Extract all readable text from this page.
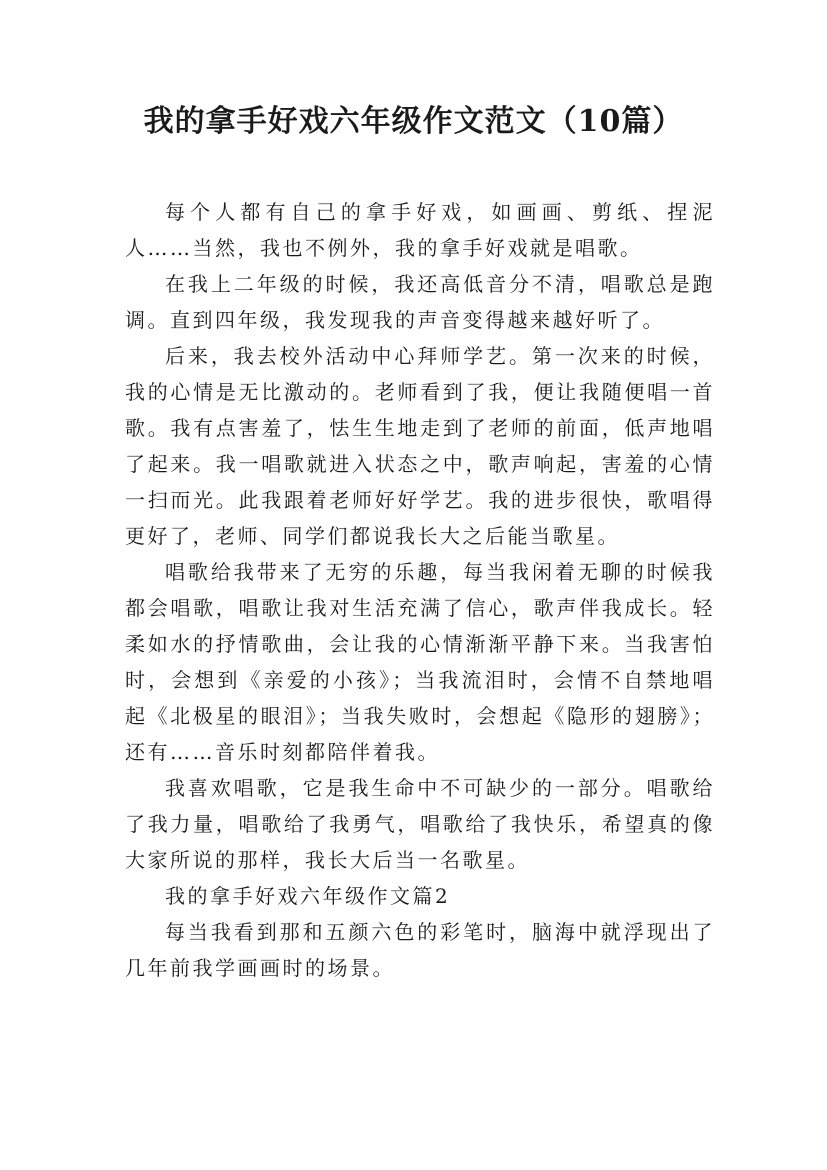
我的拿手好戏六年级作文范文（10篇）

每个人都有自己的拿手好戏，如画画、剪纸、捏泥人……当然，我也不例外，我的拿手好戏就是唱歌。

在我上二年级的时候，我还高低音分不清，唱歌总是跑调。直到四年级，我发现我的声音变得越来越好听了。

后来，我去校外活动中心拜师学艺。第一次来的时候，我的心情是无比激动的。老师看到了我，便让我随便唱一首歌。我有点害羞了，怯生生地走到了老师的前面，低声地唱了起来。我一唱歌就进入状态之中，歌声响起，害羞的心情一扫而光。此我跟着老师好好学艺。我的进步很快，歌唱得更好了，老师、同学们都说我长大之后能当歌星。

唱歌给我带来了无穷的乐趣，每当我闲着无聊的时候我都会唱歌，唱歌让我对生活充满了信心，歌声伴我成长。轻柔如水的抒情歌曲，会让我的心情渐渐平静下来。当我害怕时，会想到《亲爱的小孩》；当我流泪时，会情不自禁地唱起《北极星的眼泪》；当我失败时，会想起《隐形的翅膀》；还有……音乐时刻都陪伴着我。

我喜欢唱歌，它是我生命中不可缺少的一部分。唱歌给了我力量，唱歌给了我勇气，唱歌给了我快乐，希望真的像大家所说的那样，我长大后当一名歌星。

我的拿手好戏六年级作文篇2

每当我看到那和五颜六色的彩笔时，脑海中就浮现出了几年前我学画画时的场景。
